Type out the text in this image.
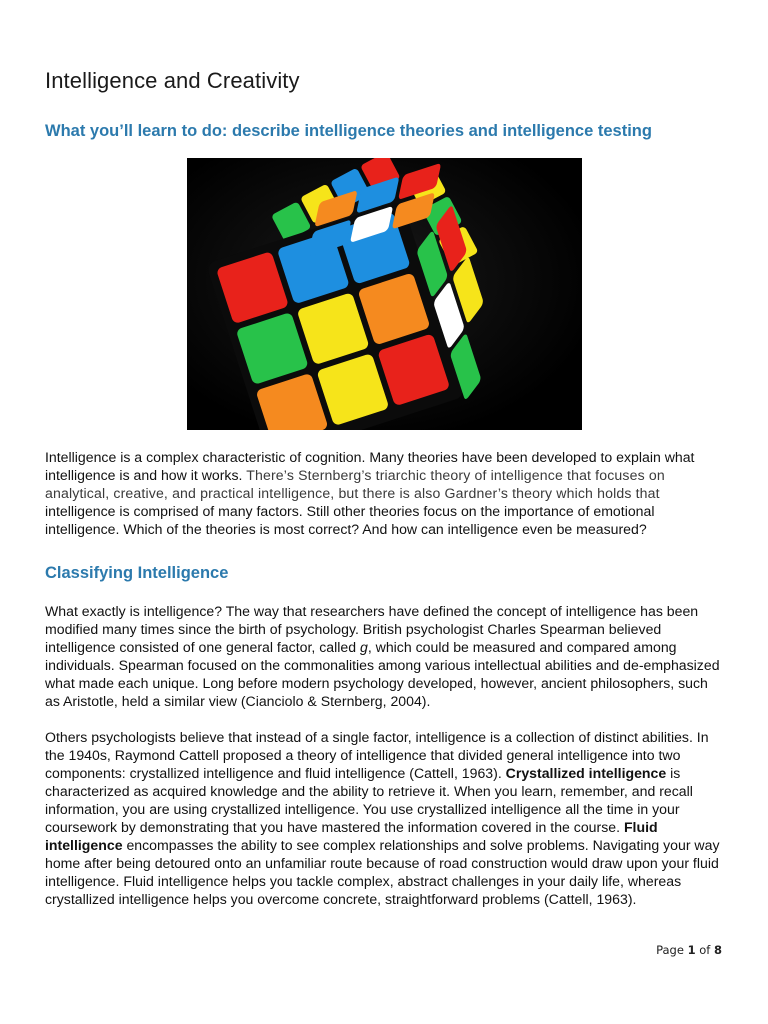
Intelligence and Creativity
What you’ll learn to do: describe intelligence theories and intelligence testing

Intelligence is a complex characteristic of cognition. Many theories have been developed to explain what intelligence is and how it works. There’s Sternberg’s triarchic theory of intelligence that focuses on analytical, creative, and practical intelligence, but there is also Gardner’s theory which holds that intelligence is comprised of many factors. Still other theories focus on the importance of emotional intelligence. Which of the theories is most correct? And how can intelligence even be measured?

Classifying Intelligence

What exactly is intelligence? The way that researchers have defined the concept of intelligence has been modified many times since the birth of psychology. British psychologist Charles Spearman believed intelligence consisted of one general factor, called g, which could be measured and compared among individuals. Spearman focused on the commonalities among various intellectual abilities and de-emphasized what made each unique. Long before modern psychology developed, however, ancient philosophers, such as Aristotle, held a similar view (Cianciolo & Sternberg, 2004).

Others psychologists believe that instead of a single factor, intelligence is a collection of distinct abilities. In the 1940s, Raymond Cattell proposed a theory of intelligence that divided general intelligence into two components: crystallized intelligence and fluid intelligence (Cattell, 1963). Crystallized intelligence is characterized as acquired knowledge and the ability to retrieve it. When you learn, remember, and recall information, you are using crystallized intelligence. You use crystallized intelligence all the time in your coursework by demonstrating that you have mastered the information covered in the course. Fluid intelligence encompasses the ability to see complex relationships and solve problems. Navigating your way home after being detoured onto an unfamiliar route because of road construction would draw upon your fluid intelligence. Fluid intelligence helps you tackle complex, abstract challenges in your daily life, whereas crystallized intelligence helps you overcome concrete, straightforward problems (Cattell, 1963).

Page 1 of 8
